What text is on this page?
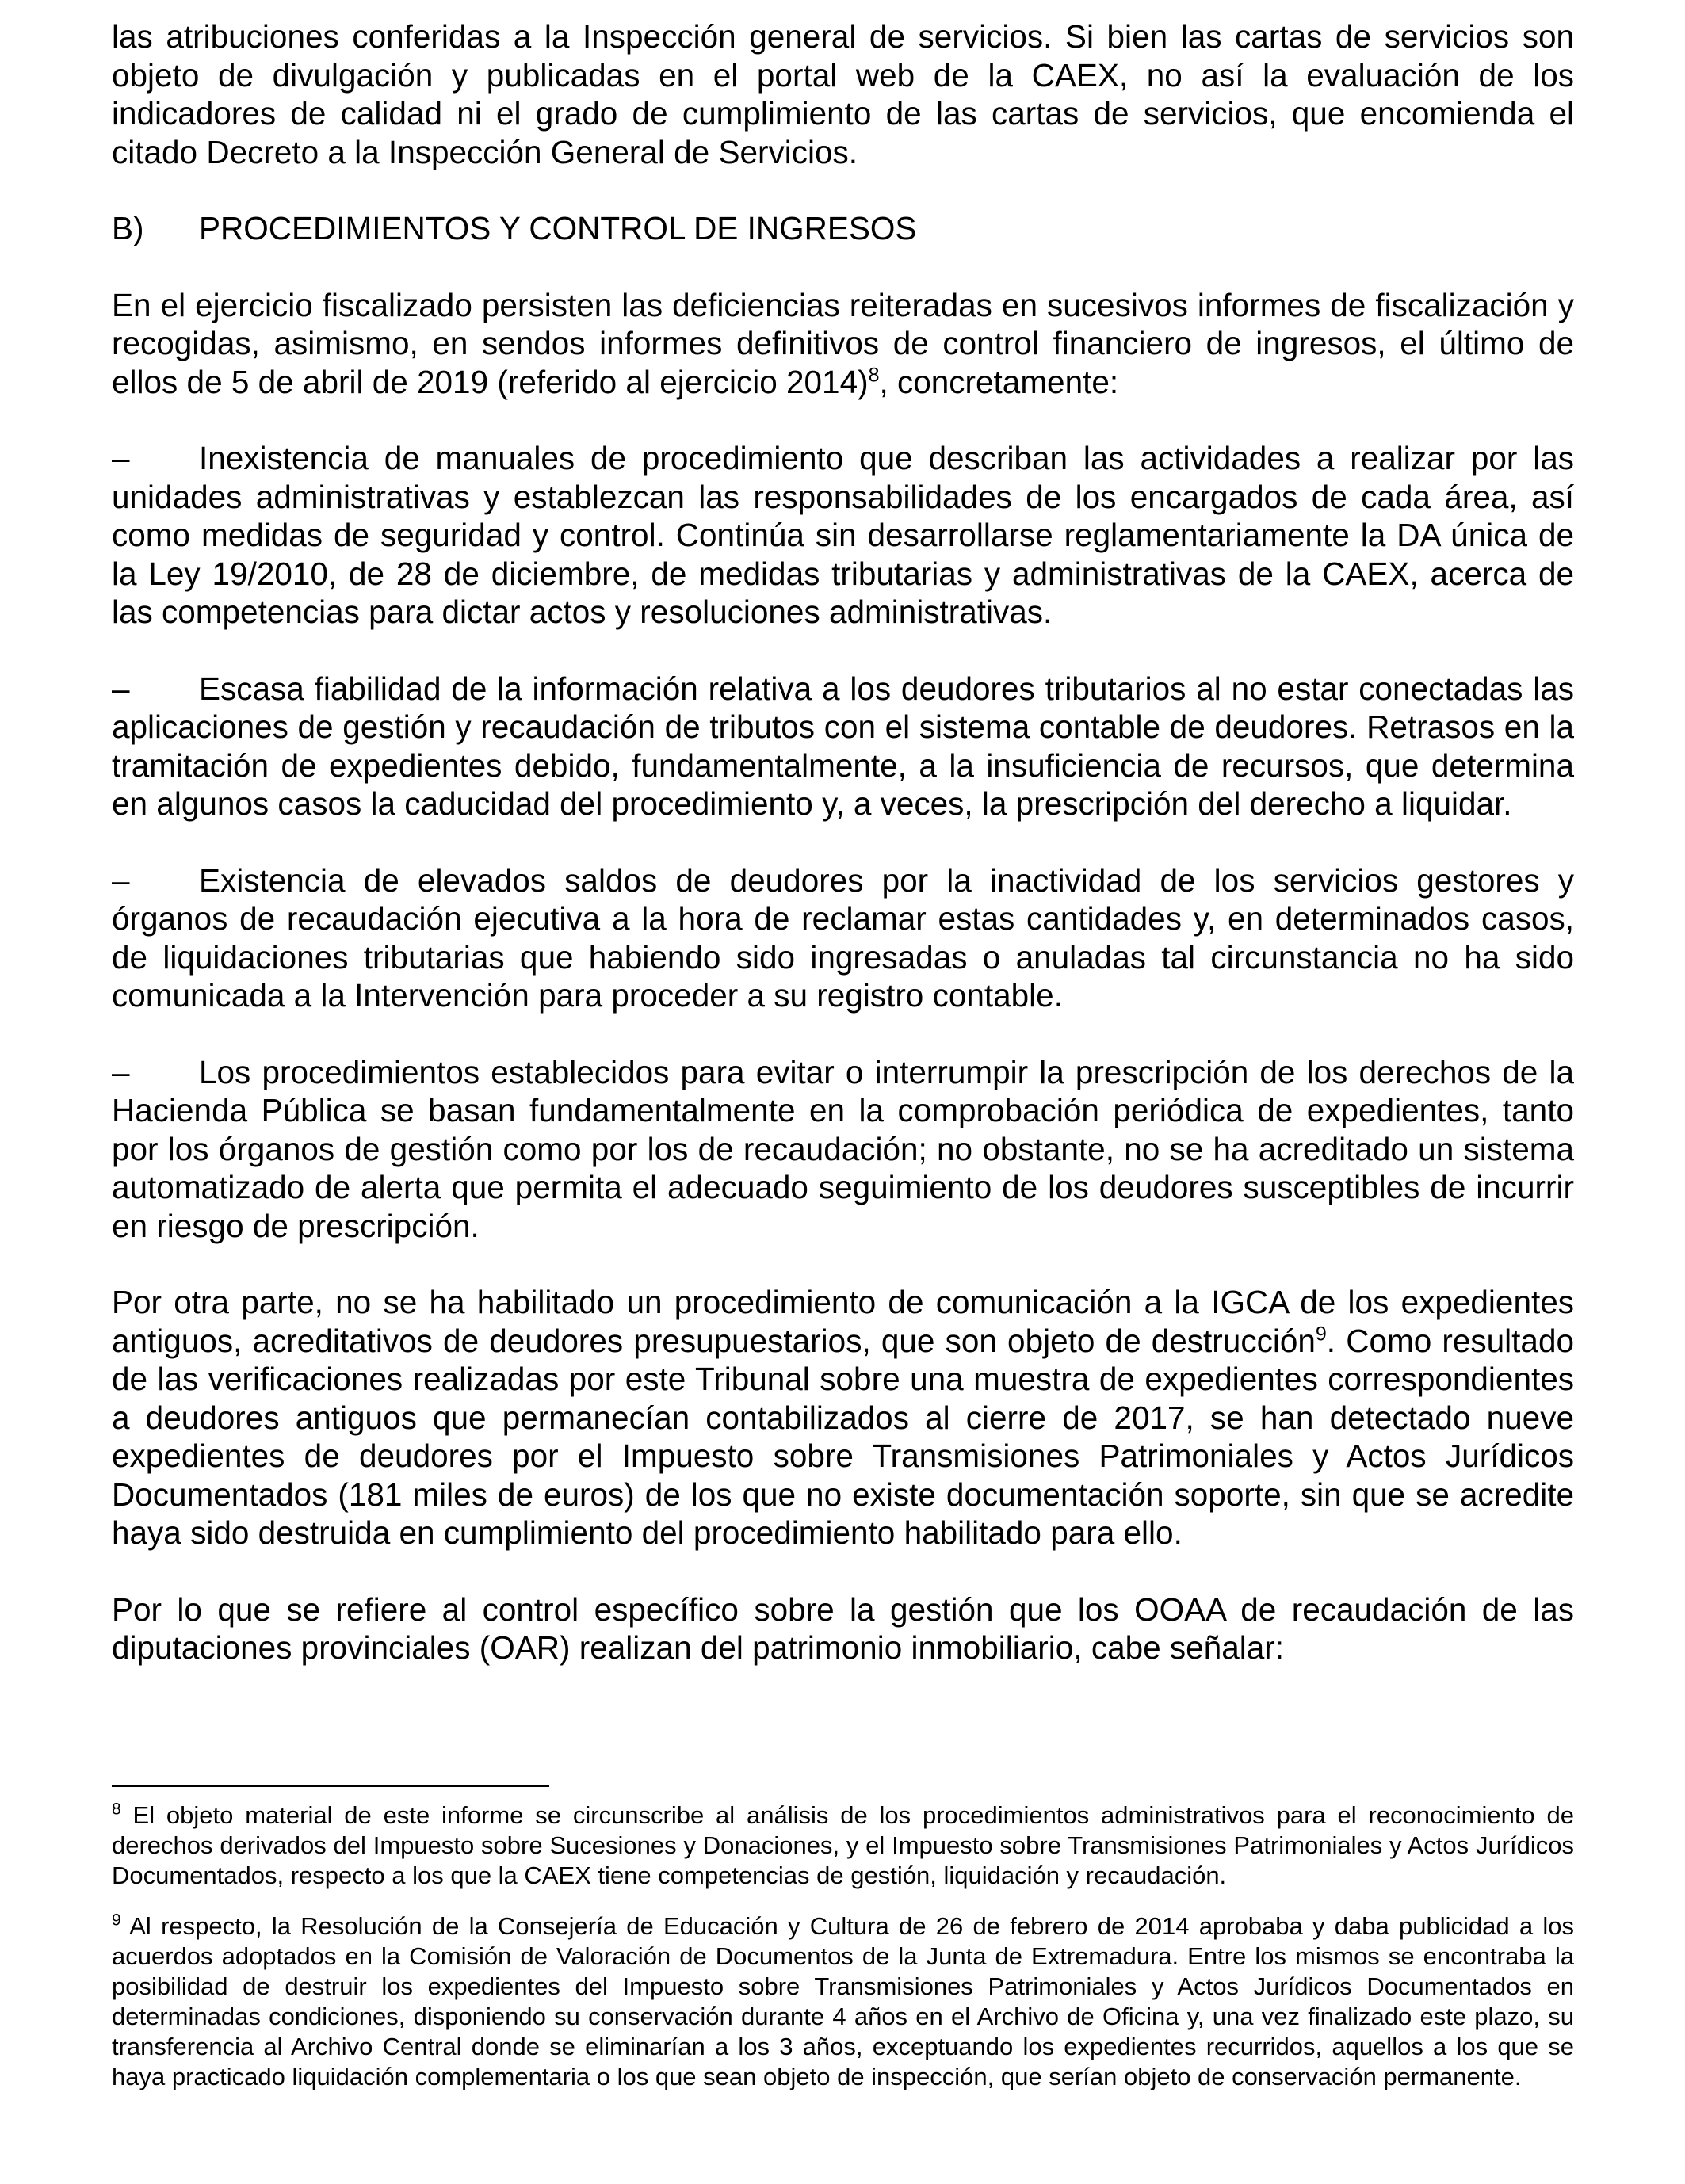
las atribuciones conferidas a la Inspección general de servicios. Si bien las cartas de servicios son objeto de divulgación y publicadas en el portal web de la CAEX, no así la evaluación de los indicadores de calidad ni el grado de cumplimiento de las cartas de servicios, que encomienda el citado Decreto a la Inspección General de Servicios.

B) PROCEDIMIENTOS Y CONTROL DE INGRESOS

En el ejercicio fiscalizado persisten las deficiencias reiteradas en sucesivos informes de fiscalización y recogidas, asimismo, en sendos informes definitivos de control financiero de ingresos, el último de ellos de 5 de abril de 2019 (referido al ejercicio 2014)$^8$, concretamente:

– Inexistencia de manuales de procedimiento que describan las actividades a realizar por las unidades administrativas y establezcan las responsabilidades de los encargados de cada área, así como medidas de seguridad y control. Continúa sin desarrollarse reglamentariamente la DA única de la Ley 19/2010, de 28 de diciembre, de medidas tributarias y administrativas de la CAEX, acerca de las competencias para dictar actos y resoluciones administrativas.

– Escasa fiabilidad de la información relativa a los deudores tributarios al no estar conectadas las aplicaciones de gestión y recaudación de tributos con el sistema contable de deudores. Retrasos en la tramitación de expedientes debido, fundamentalmente, a la insuficiencia de recursos, que determina en algunos casos la caducidad del procedimiento y, a veces, la prescripción del derecho a liquidar.

– Existencia de elevados saldos de deudores por la inactividad de los servicios gestores y órganos de recaudación ejecutiva a la hora de reclamar estas cantidades y, en determinados casos, de liquidaciones tributarias que habiendo sido ingresadas o anuladas tal circunstancia no ha sido comunicada a la Intervención para proceder a su registro contable.

– Los procedimientos establecidos para evitar o interrumpir la prescripción de los derechos de la Hacienda Pública se basan fundamentalmente en la comprobación periódica de expedientes, tanto por los órganos de gestión como por los de recaudación; no obstante, no se ha acreditado un sistema automatizado de alerta que permita el adecuado seguimiento de los deudores susceptibles de incurrir en riesgo de prescripción.

Por otra parte, no se ha habilitado un procedimiento de comunicación a la IGCA de los expedientes antiguos, acreditativos de deudores presupuestarios, que son objeto de destrucción$^9$. Como resultado de las verificaciones realizadas por este Tribunal sobre una muestra de expedientes correspondientes a deudores antiguos que permanecían contabilizados al cierre de 2017, se han detectado nueve expedientes de deudores por el Impuesto sobre Transmisiones Patrimoniales y Actos Jurídicos Documentados (181 miles de euros) de los que no existe documentación soporte, sin que se acredite haya sido destruida en cumplimiento del procedimiento habilitado para ello.

Por lo que se refiere al control específico sobre la gestión que los OOAA de recaudación de las diputaciones provinciales (OAR) realizan del patrimonio inmobiliario, cabe señalar:

$^8$ El objeto material de este informe se circunscribe al análisis de los procedimientos administrativos para el reconocimiento de derechos derivados del Impuesto sobre Sucesiones y Donaciones, y el Impuesto sobre Transmisiones Patrimoniales y Actos Jurídicos Documentados, respecto a los que la CAEX tiene competencias de gestión, liquidación y recaudación.

$^9$ Al respecto, la Resolución de la Consejería de Educación y Cultura de 26 de febrero de 2014 aprobaba y daba publicidad a los acuerdos adoptados en la Comisión de Valoración de Documentos de la Junta de Extremadura. Entre los mismos se encontraba la posibilidad de destruir los expedientes del Impuesto sobre Transmisiones Patrimoniales y Actos Jurídicos Documentados en determinadas condiciones, disponiendo su conservación durante 4 años en el Archivo de Oficina y, una vez finalizado este plazo, su transferencia al Archivo Central donde se eliminarían a los 3 años, exceptuando los expedientes recurridos, aquellos a los que se haya practicado liquidación complementaria o los que sean objeto de inspección, que serían objeto de conservación permanente.
